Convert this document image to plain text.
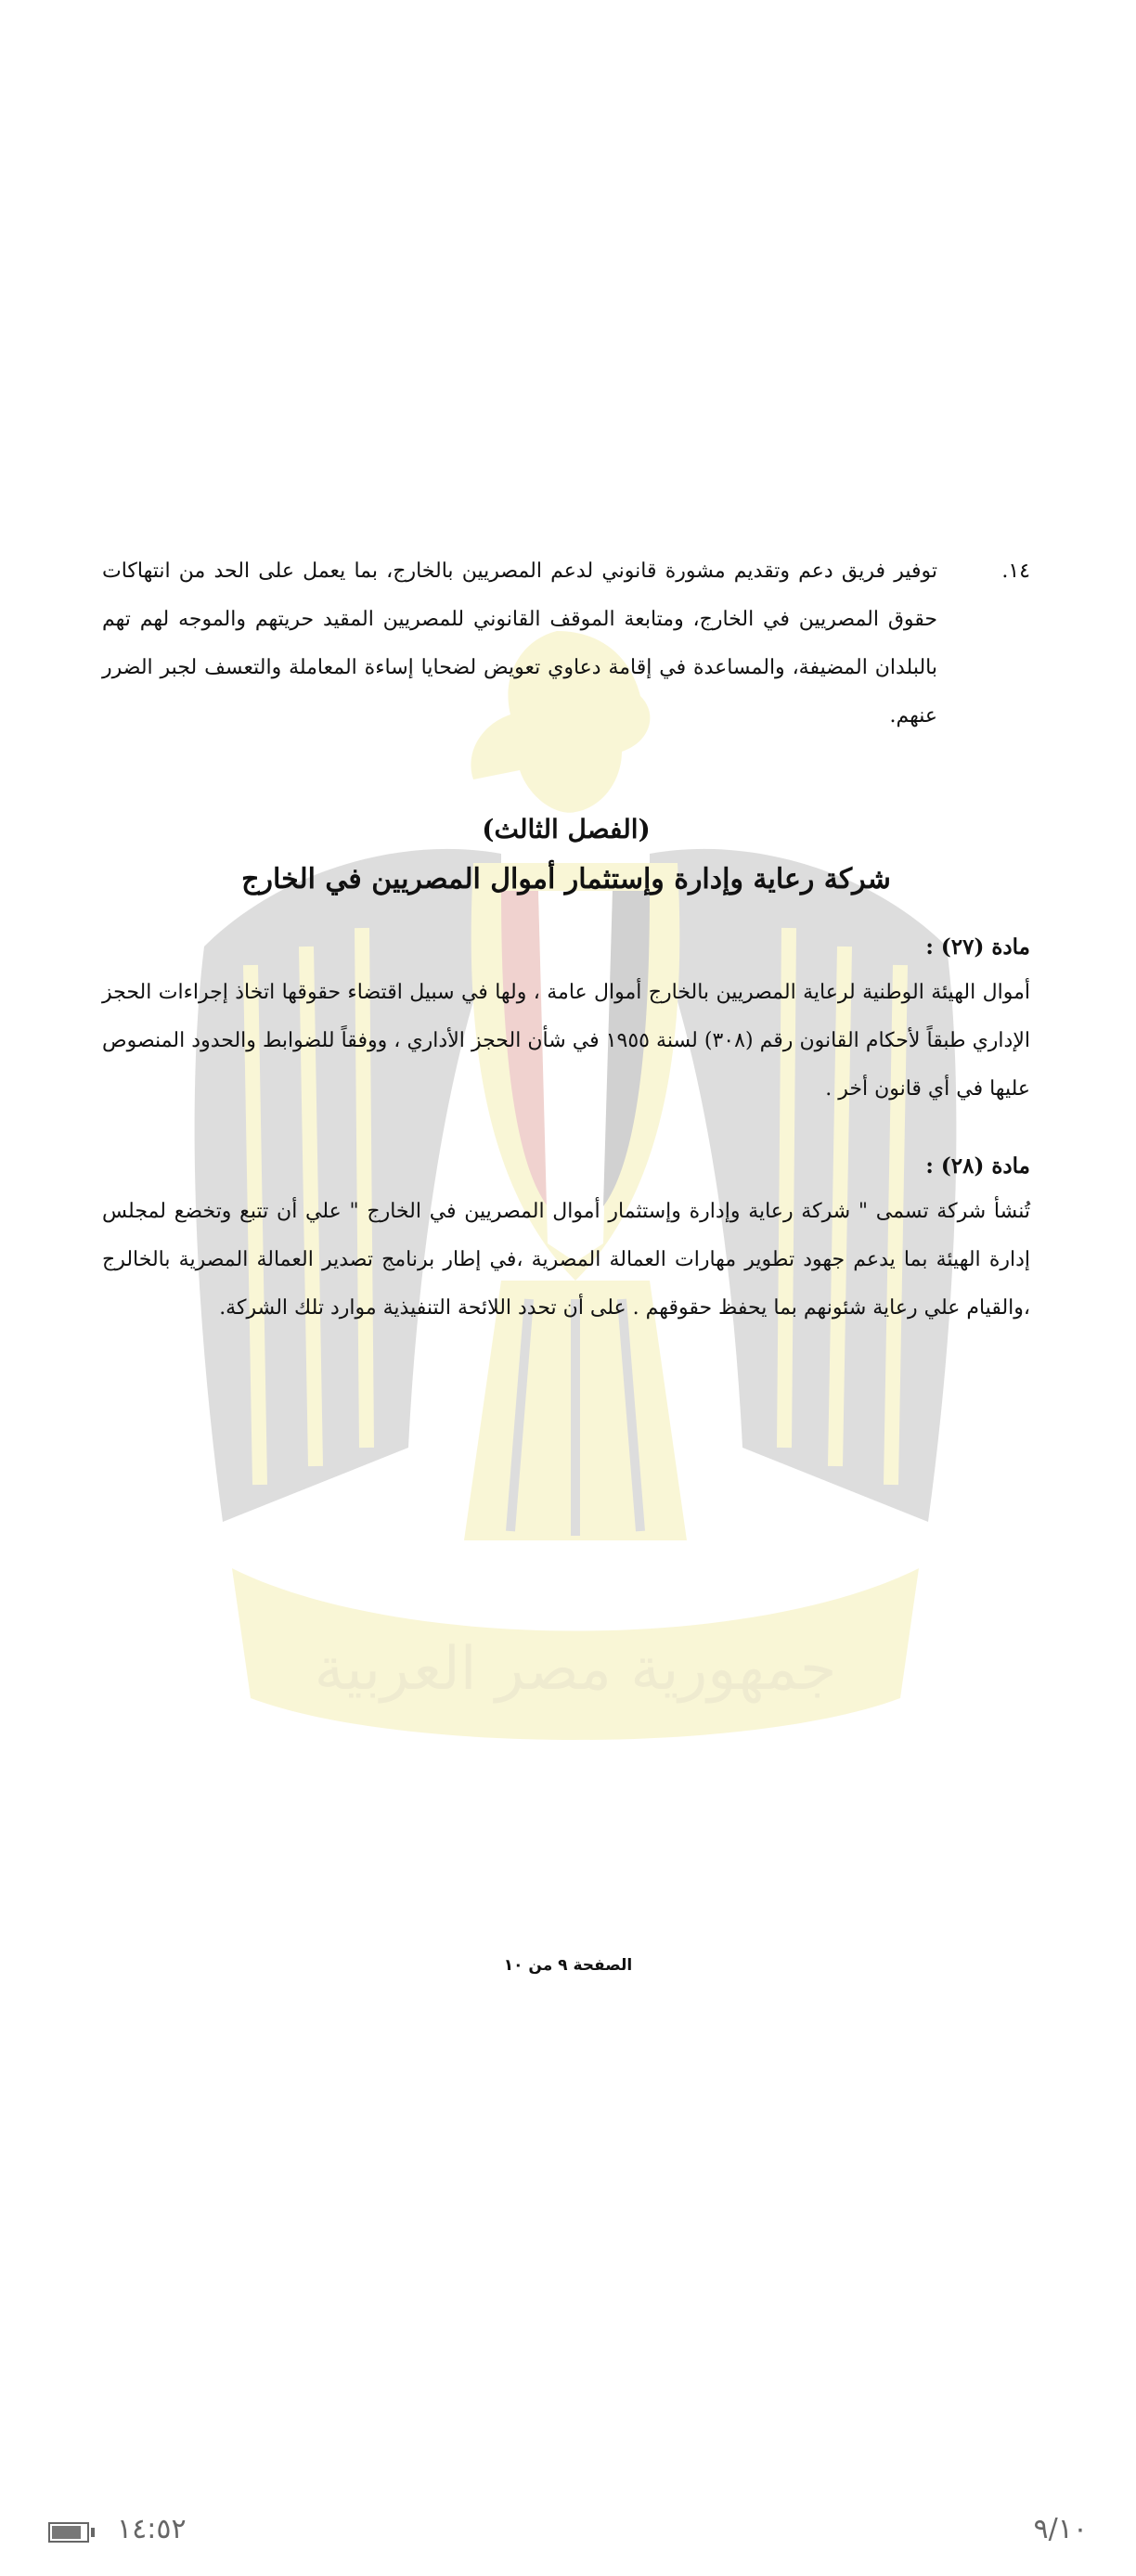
جمهورية مصر العربية
١٤.
توفير فريق دعم وتقديم مشورة قانوني لدعم المصريين بالخارج، بما يعمل على الحد من انتهاكات حقوق المصريين في الخارج، ومتابعة الموقف القانوني للمصريين المقيد حريتهم والموجه لهم تهم بالبلدان المضيفة، والمساعدة في إقامة دعاوي تعويض لضحايا إساءة المعاملة والتعسف لجبر الضرر عنهم.

(الفصل الثالث)

شركة رعاية وإدارة وإستثمار أموال المصريين في الخارج

مادة (٢٧) :

أموال الهيئة الوطنية لرعاية المصريين بالخارج أموال عامة ، ولها في سبيل اقتضاء حقوقها اتخاذ إجراءات الحجز الإداري طبقاً لأحكام القانون رقم (٣٠٨) لسنة ١٩٥٥ في شأن الحجز الأداري ، ووفقاً للضوابط والحدود المنصوص عليها في أي قانون أخر .

مادة (٢٨) :

تُنشأ شركة تسمى " شركة رعاية وإدارة وإستثمار أموال المصريين في الخارج " علي أن تتبع وتخضع لمجلس إدارة الهيئة بما يدعم جهود تطوير مهارات العمالة المصرية ،في إطار برنامج تصدير العمالة المصرية بالخالرج ،والقيام علي رعاية شئونهم بما يحفظ حقوقهم . على أن تحدد اللائحة التنفيذية موارد تلك الشركة.

الصفحة ٩ من ١٠
١٤:٥٢	٩/١٠
